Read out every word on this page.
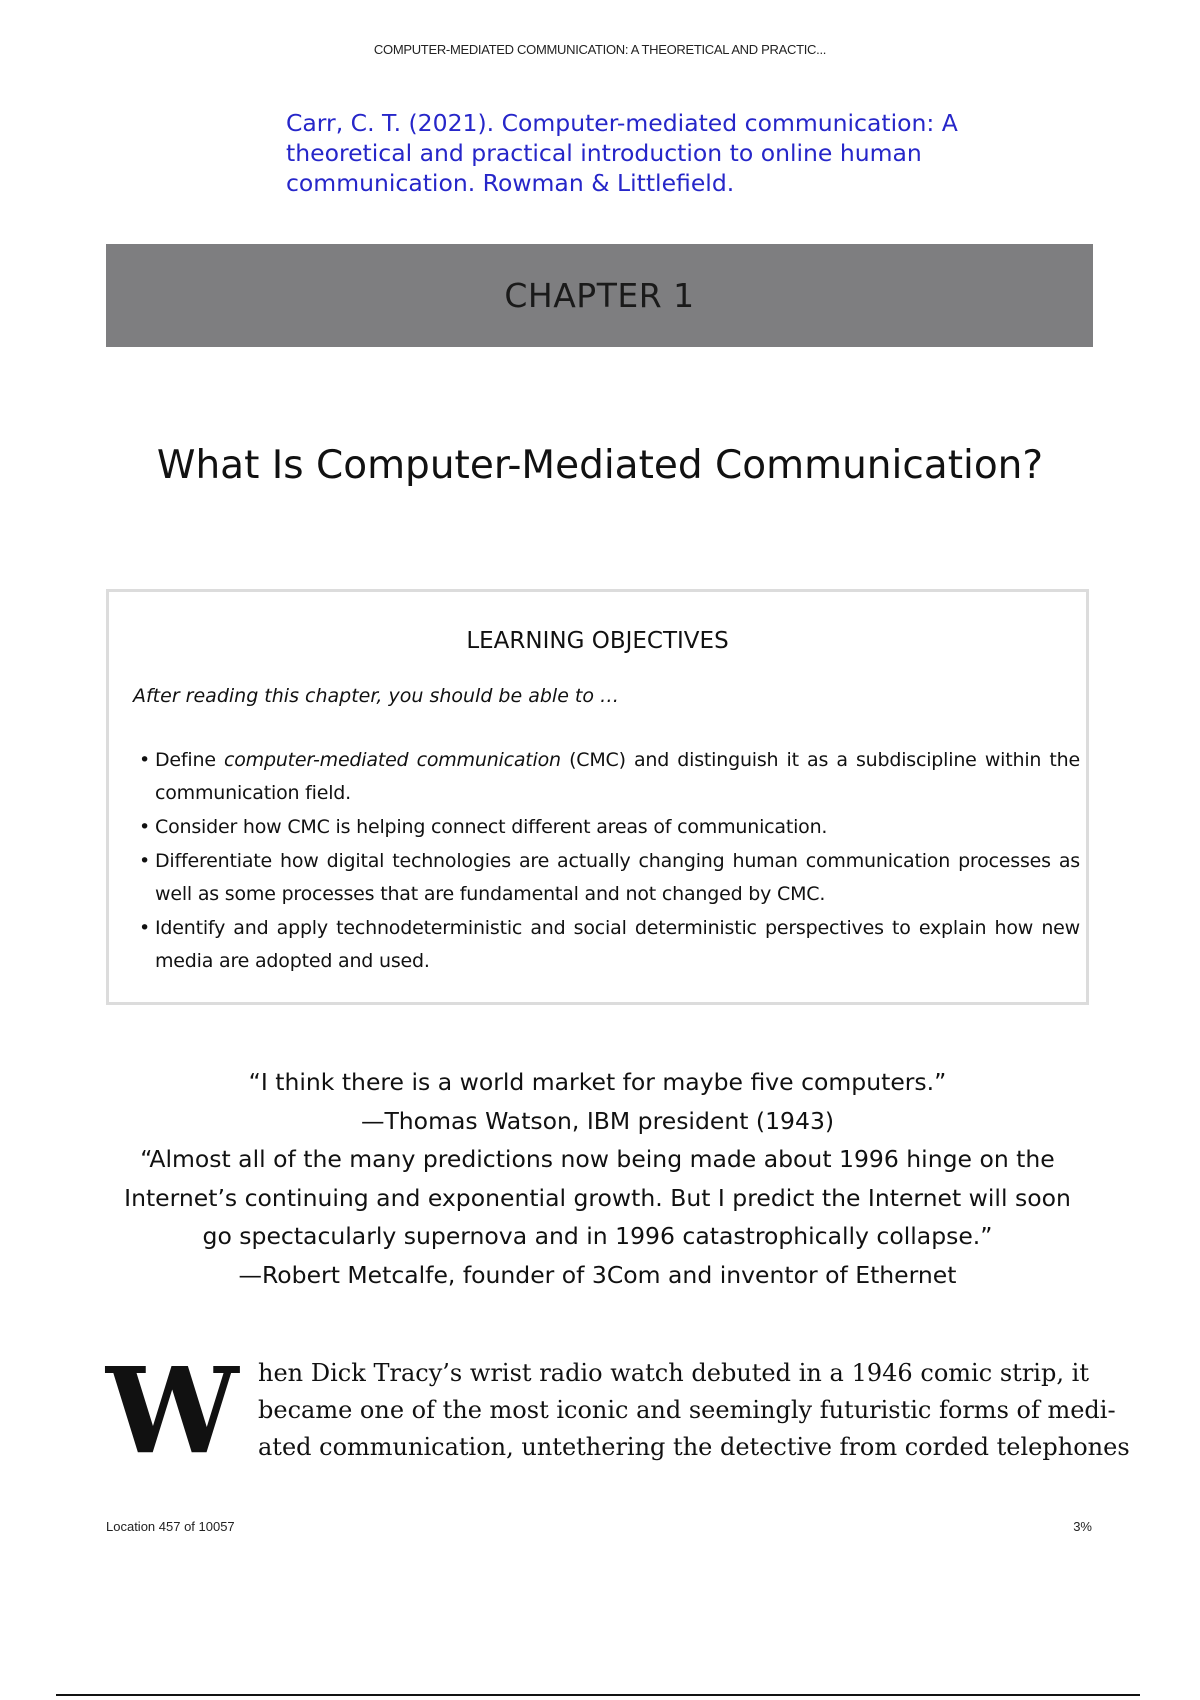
COMPUTER-MEDIATED COMMUNICATION: A THEORETICAL AND PRACTIC...
Carr, C. T. (2021). Computer-mediated communication: A theoretical and practical introduction to online human communication. Rowman & Littlefield.
CHAPTER 1
What Is Computer-Mediated Communication?
LEARNING OBJECTIVES
After reading this chapter, you should be able to …
• Define computer-mediated communication (CMC) and distinguish it as a subdiscipline within the communication field.
• Consider how CMC is helping connect different areas of communication.
• Differentiate how digital technologies are actually changing human communication processes as well as some processes that are fundamental and not changed by CMC.
• Identify and apply technodeterministic and social deterministic perspectives to explain how new media are adopted and used.

“I think there is a world market for maybe five computers.”

—Thomas Watson, IBM president (1943)

“Almost all of the many predictions now being made about 1996 hinge on the Internet’s continuing and exponential growth. But I predict the Internet will soon go spectacularly supernova and in 1996 catastrophically collapse.”

—Robert Metcalfe, founder of 3Com and inventor of Ethernet

W hen Dick Tracy’s wrist radio watch debuted in a 1946 comic strip, it
became one of the most iconic and seemingly futuristic forms of medi-
ated communication, untethering the detective from corded telephones
Location 457 of 10057	3%
